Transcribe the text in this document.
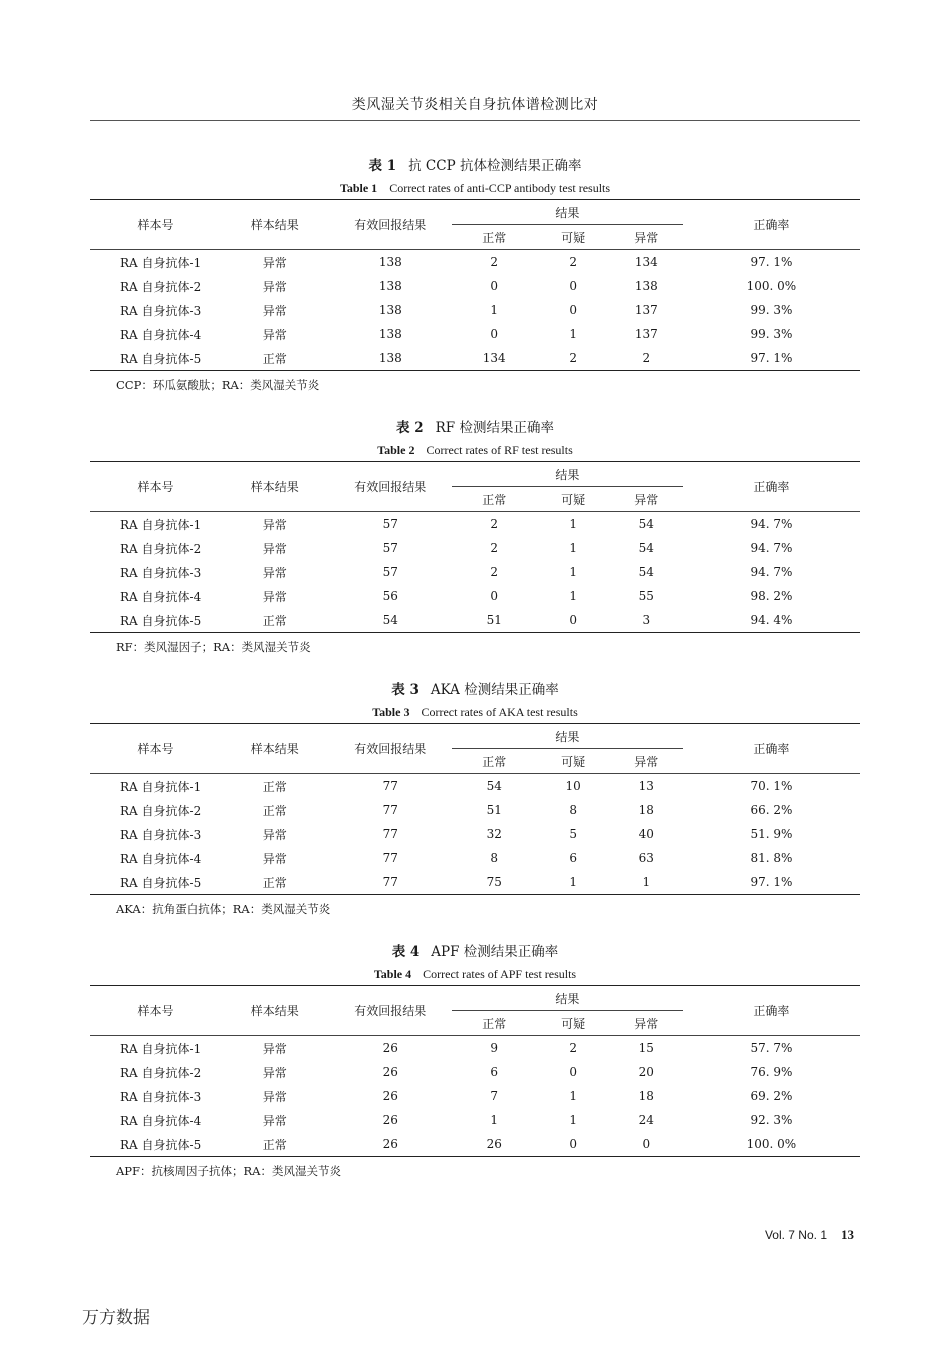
类风湿关节炎相关自身抗体谱检测比对
表 1 抗 CCP 抗体检测结果正确率
Table 1 Correct rates of anti-CCP antibody test results
样本号	样本结果	有效回报结果	结果			正确率
			正常	可疑	异常	
RA 自身抗体-1	异常	138	2	2	134	97. 1%
RA 自身抗体-2	异常	138	0	0	138	100. 0%
RA 自身抗体-3	异常	138	1	0	137	99. 3%
RA 自身抗体-4	异常	138	0	1	137	99. 3%
RA 自身抗体-5	正常	138	134	2	2	97. 1%
CCP：环瓜氨酸肽；RA：类风湿关节炎
表 2 RF 检测结果正确率
Table 2 Correct rates of RF test results
样本号	样本结果	有效回报结果	结果			正确率
			正常	可疑	异常	
RA 自身抗体-1	异常	57	2	1	54	94. 7%
RA 自身抗体-2	异常	57	2	1	54	94. 7%
RA 自身抗体-3	异常	57	2	1	54	94. 7%
RA 自身抗体-4	异常	56	0	1	55	98. 2%
RA 自身抗体-5	正常	54	51	0	3	94. 4%
RF：类风湿因子；RA：类风湿关节炎
表 3 AKA 检测结果正确率
Table 3 Correct rates of AKA test results
样本号	样本结果	有效回报结果	结果			正确率
			正常	可疑	异常	
RA 自身抗体-1	正常	77	54	10	13	70. 1%
RA 自身抗体-2	正常	77	51	8	18	66. 2%
RA 自身抗体-3	异常	77	32	5	40	51. 9%
RA 自身抗体-4	异常	77	8	6	63	81. 8%
RA 自身抗体-5	正常	77	75	1	1	97. 1%
AKA：抗角蛋白抗体；RA：类风湿关节炎
表 4 APF 检测结果正确率
Table 4 Correct rates of APF test results
样本号	样本结果	有效回报结果	结果			正确率
			正常	可疑	异常	
RA 自身抗体-1	异常	26	9	2	15	57. 7%
RA 自身抗体-2	异常	26	6	0	20	76. 9%
RA 自身抗体-3	异常	26	7	1	18	69. 2%
RA 自身抗体-4	异常	26	1	1	24	92. 3%
RA 自身抗体-5	正常	26	26	0	0	100. 0%
APF：抗核周因子抗体；RA：类风湿关节炎
Vol. 7 No. 1 13
万方数据
